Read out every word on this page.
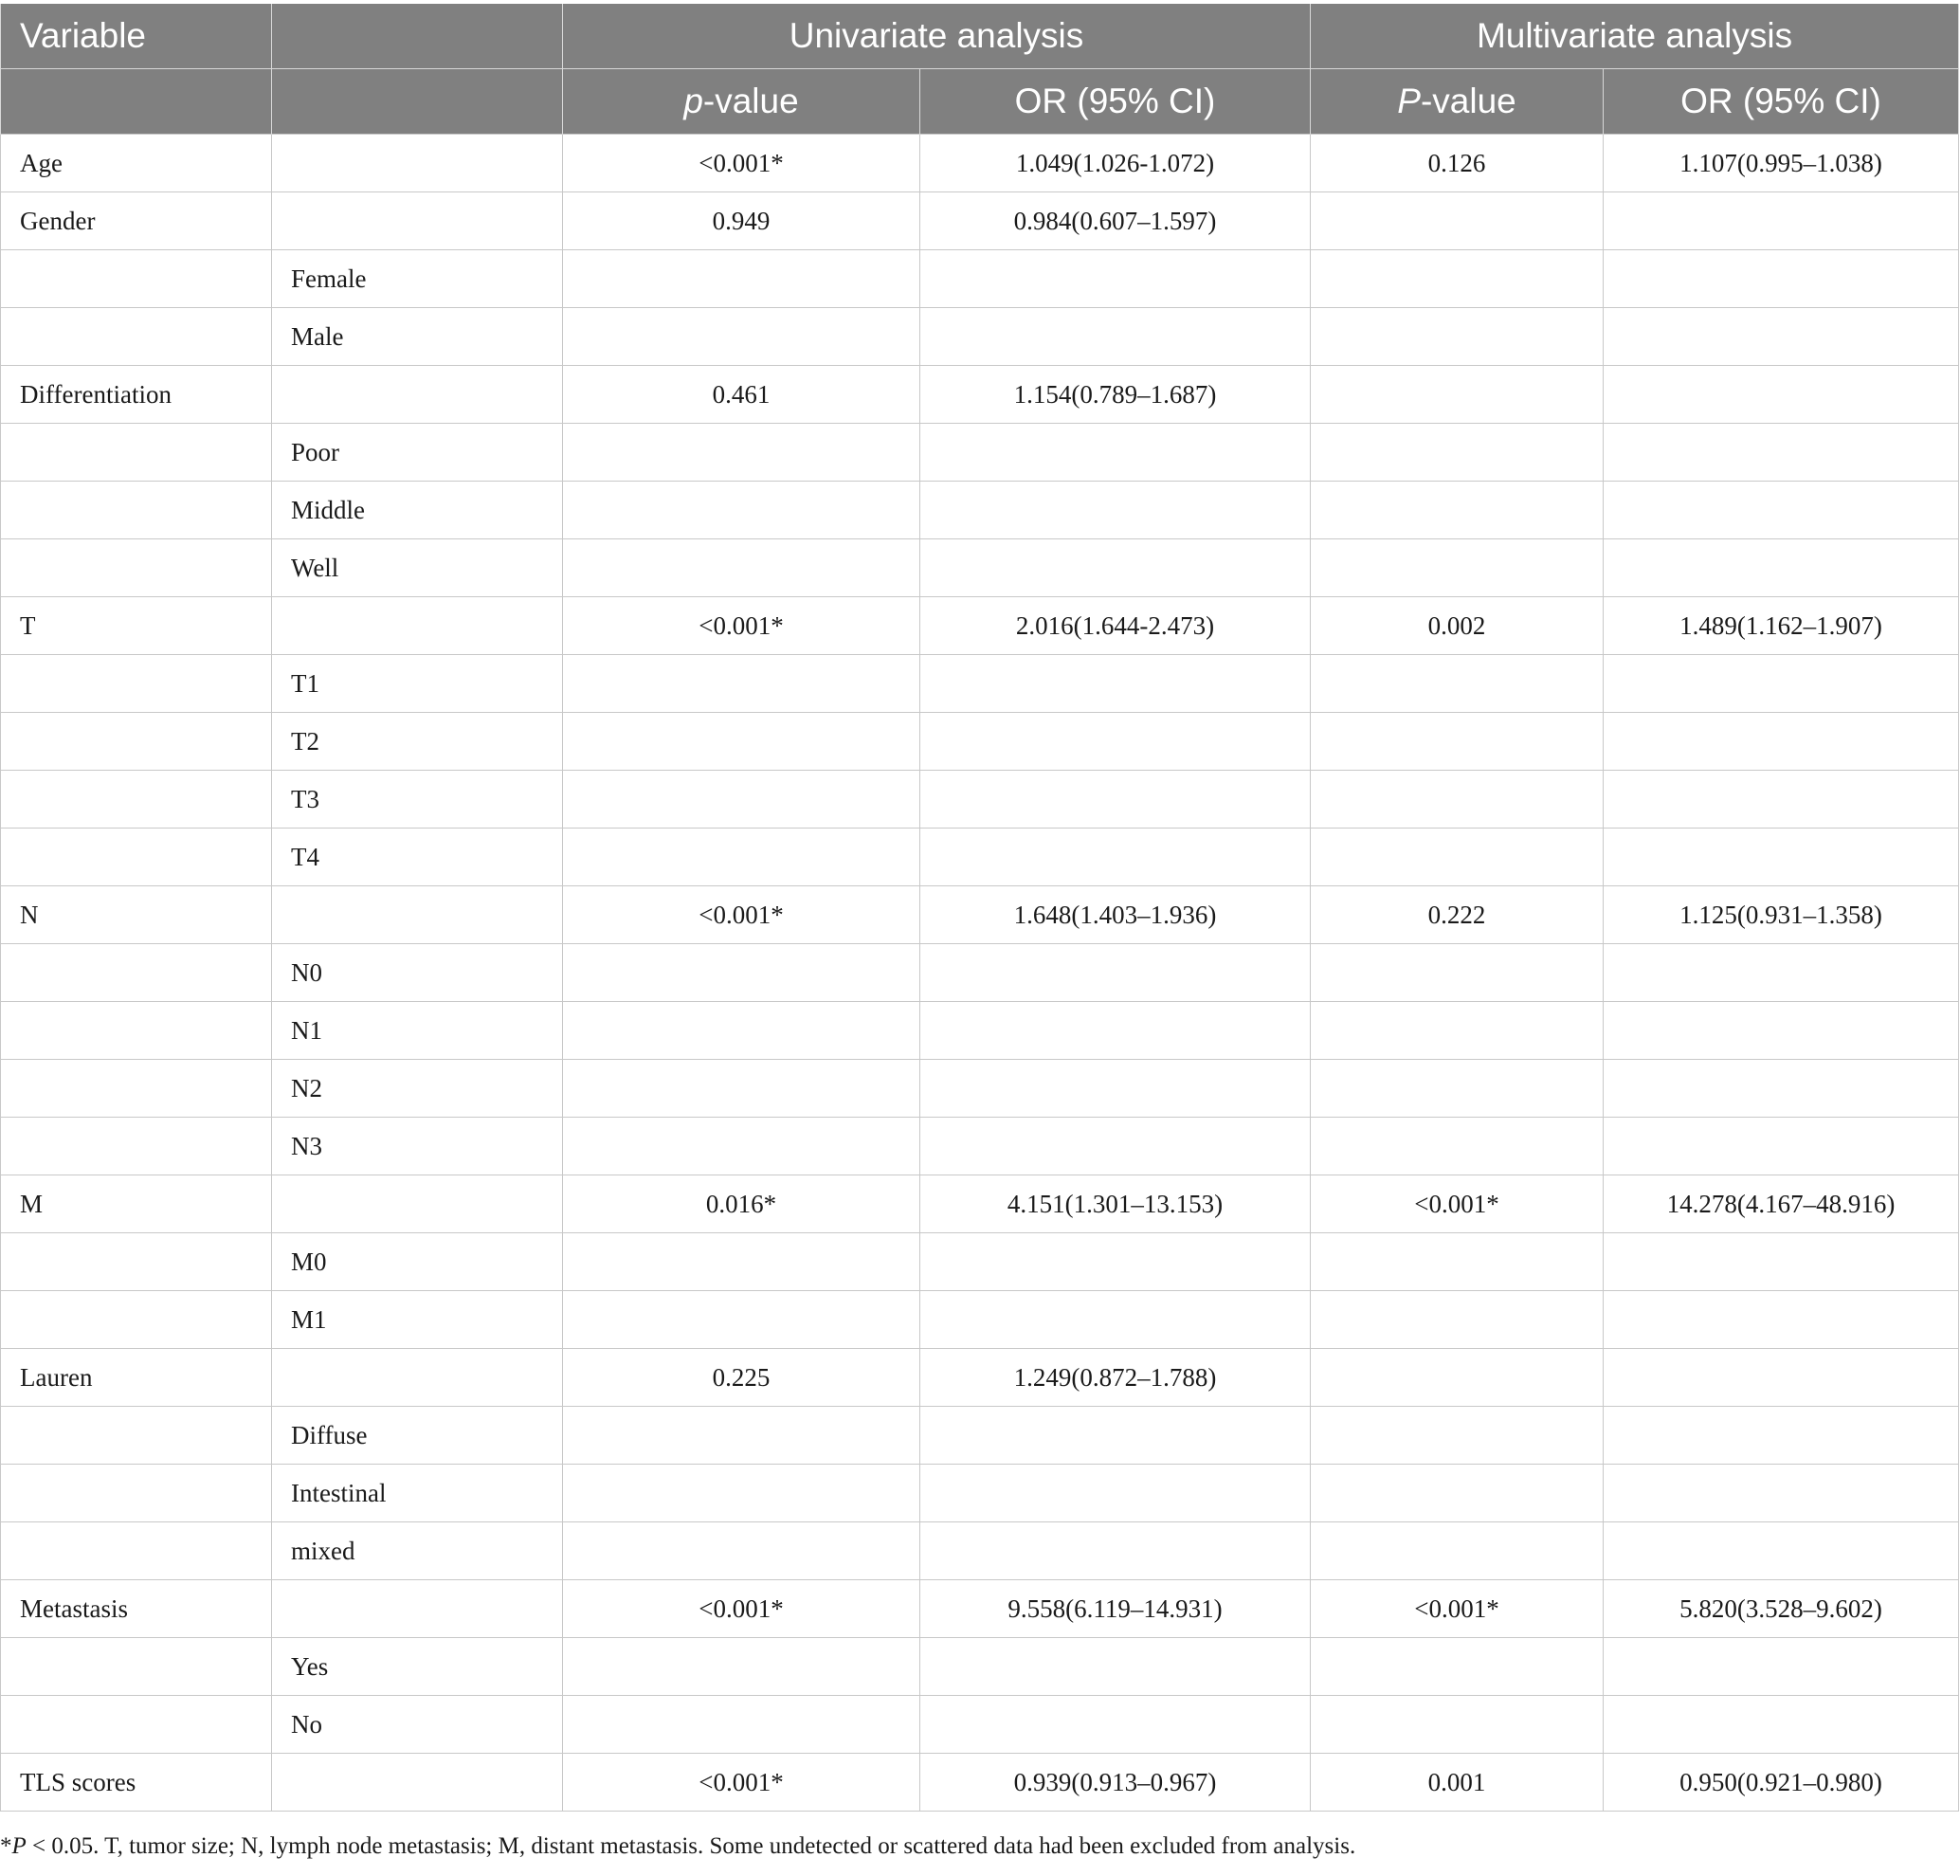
Variable		Univariate analysis		Multivariate analysis	
		p-value	OR (95% CI)	P-value	OR (95% CI)
Age		<0.001*	1.049(1.026-1.072)	0.126	1.107(0.995–1.038)
Gender		0.949	0.984(0.607–1.597)		
	Female				
	Male				
Differentiation		0.461	1.154(0.789–1.687)		
	Poor				
	Middle				
	Well				
T		<0.001*	2.016(1.644-2.473)	0.002	1.489(1.162–1.907)
	T1				
	T2				
	T3				
	T4				
N		<0.001*	1.648(1.403–1.936)	0.222	1.125(0.931–1.358)
	N0				
	N1				
	N2				
	N3				
M		0.016*	4.151(1.301–13.153)	<0.001*	14.278(4.167–48.916)
	M0				
	M1				
Lauren		0.225	1.249(0.872–1.788)		
	Diffuse				
	Intestinal				
	mixed				
Metastasis		<0.001*	9.558(6.119–14.931)	<0.001*	5.820(3.528–9.602)
	Yes				
	No				
TLS scores		<0.001*	0.939(0.913–0.967)	0.001	0.950(0.921–0.980)
*P < 0.05. T, tumor size; N, lymph node metastasis; M, distant metastasis. Some undetected or scattered data had been excluded from analysis.
